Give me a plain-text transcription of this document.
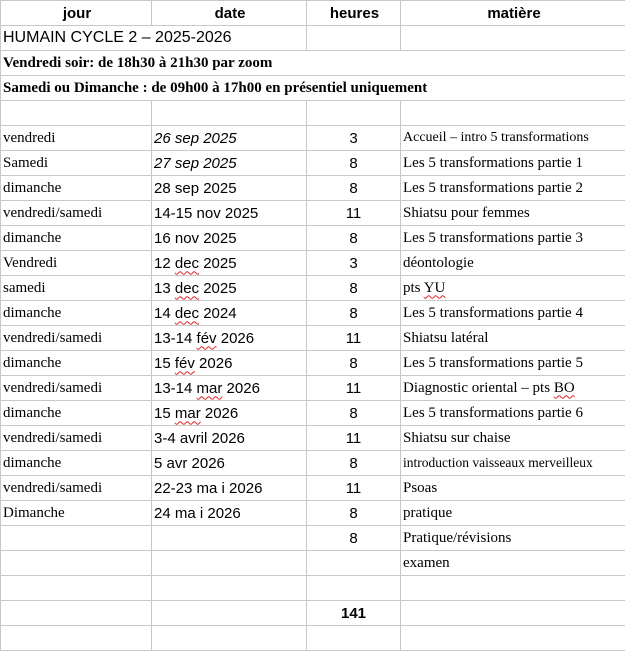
jour	date	heures	matière
HUMAIN CYCLE 2 – 2025-2026			
Vendredi soir: de 18h30 à 21h30 par zoom			
Samedi ou Dimanche : de 09h00 à 17h00 en présentiel uniquement			

vendredi	26 sep 2025	3	Accueil – intro 5 transformations
Samedi	27 sep 2025	8	Les 5 transformations partie 1
dimanche	28 sep 2025	8	Les 5 transformations partie 2
vendredi/samedi	14-15 nov 2025	11	Shiatsu pour femmes
dimanche	16 nov 2025	8	Les 5 transformations partie 3
Vendredi	12 dec 2025	3	déontologie
samedi	13 dec 2025	8	pts YU
dimanche	14 dec 2024	8	Les 5 transformations partie 4
vendredi/samedi	13-14 fév 2026	11	Shiatsu latéral
dimanche	15 fév 2026	8	Les 5 transformations partie 5
vendredi/samedi	13-14 mar 2026	11	Diagnostic oriental – pts BO
dimanche	15 mar 2026	8	Les 5 transformations partie 6
vendredi/samedi	3-4 avril 2026	11	Shiatsu sur chaise
dimanche	5 avr 2026	8	introduction vaisseaux merveilleux
vendredi/samedi	22-23 ma i 2026	11	Psoas
Dimanche	24 ma i 2026	8	pratique
		8	Pratique/révisions
			examen

		141	
